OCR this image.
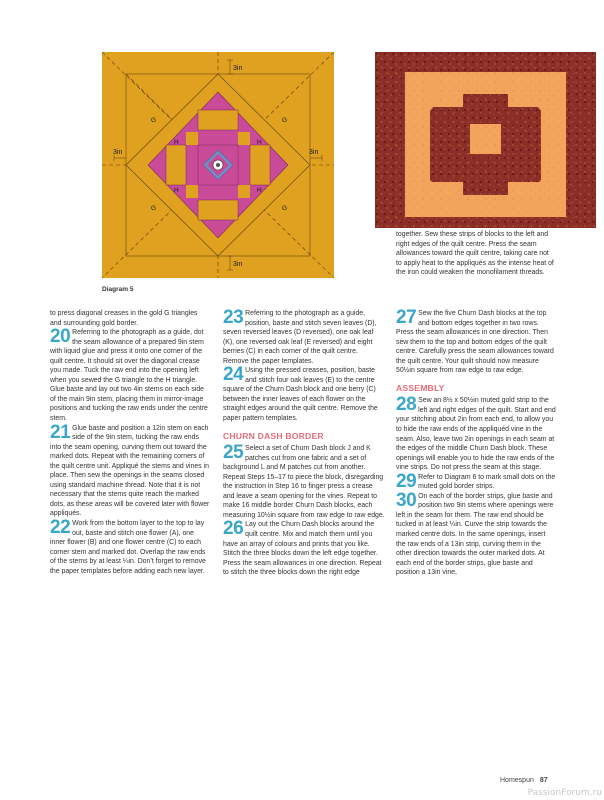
3in
3in
3in	3in
G	G
G	G
H	H
H	H
Diagram 5
together. Sew these strips of blocks to the left and right edges of the quilt centre. Press the seam allowances toward the quilt centre, taking care not to apply heat to the appliqués as the intense heat of the iron could weaken the monofilament threads.

to press diagonal creases in the gold G triangles and surrounding gold border.

20 Referring to the photograph as a guide, dot the seam allowance of a prepared 9in stem with liquid glue and press it onto one corner of the quilt centre. It should sit over the diagonal crease you made. Tuck the raw end into the opening left when you sewed the G triangle to the H triangle. Glue baste and lay out two 4in stems on each side of the main 9in stem, placing them in mirror-image positions and tucking the raw ends under the centre stem.
21 Glue baste and position a 12in stem on each side of the 9in stem, tucking the raw ends into the seam opening, curving them out toward the marked dots. Repeat with the remaining corners of the quilt centre unit. Appliqué the stems and vines in place. Then sew the openings in the seams closed using standard machine thread. Note that it is not necessary that the stems quite reach the marked dots, as these areas will be covered later with flower appliqués.
22 Work from the bottom layer to the top to lay out, baste and stitch one flower (A), one inner flower (B) and one flower centre (C) to each corner stem and marked dot. Overlap the raw ends of the stems by at least ¼in. Don’t forget to remove the paper templates before adding each new layer.
23 Referring to the photograph as a guide, position, baste and stitch seven leaves (D), seven reversed leaves (D reversed), one oak leaf (K), one reversed oak leaf (E reversed) and eight berries (C) in each corner of the quilt centre. Remove the paper templates.
24 Using the pressed creases, position, baste and stitch four oak leaves (E) to the centre square of the Churn Dash block and one berry (C) between the inner leaves of each flower on the straight edges around the quilt centre. Remove the paper pattern templates.
CHURN DASH BORDER
25 Select a set of Churn Dash block J and K patches cut from one fabric and a set of background L and M patches cut from another. Repeat Steps 15–17 to piece the block, disregarding the instruction in Step 16 to finger press a crease and leave a seam opening for the vines. Repeat to make 16 middle border Churn Dash blocks, each measuring 10½in square from raw edge to raw edge.
26 Lay out the Churn Dash blocks around the quilt centre. Mix and match them until you have an array of colours and prints that you like. Stitch the three blocks down the left edge together. Press the seam allowances in one direction. Repeat to stitch the three blocks down the right edge
27 Sew the five Churn Dash blocks at the top and bottom edges together in two rows. Press the seam allowances in one direction. Then sew them to the top and bottom edges of the quilt centre. Carefully press the seam allowances toward the quilt centre. Your quilt should now measure 50½in square from raw edge to raw edge.
ASSEMBLY
28 Sew an 8½ x 50½in muted gold strip to the left and right edges of the quilt. Start and end your stitching about 2in from each end, to allow you to hide the raw ends of the appliquéd vine in the seam. Also, leave two 2in openings in each seam at the edges of the middle Churn Dash block. These openings will enable you to hide the raw ends of the vine strips. Do not press the seam at this stage.
29 Refer to Diagram 6 to mark small dots on the muted gold border strips.
30 On each of the border strips, glue baste and position two 9in stems where openings were left in the seam for them. The raw end should be tucked in at least ¼in. Curve the strip towards the marked centre dots. In the same openings, insert the raw ends of a 13in strip, curving them in the other direction towards the outer marked dots. At each end of the border strips, glue baste and position a 13in vine,
Homespun 87
PassionForum.ru
